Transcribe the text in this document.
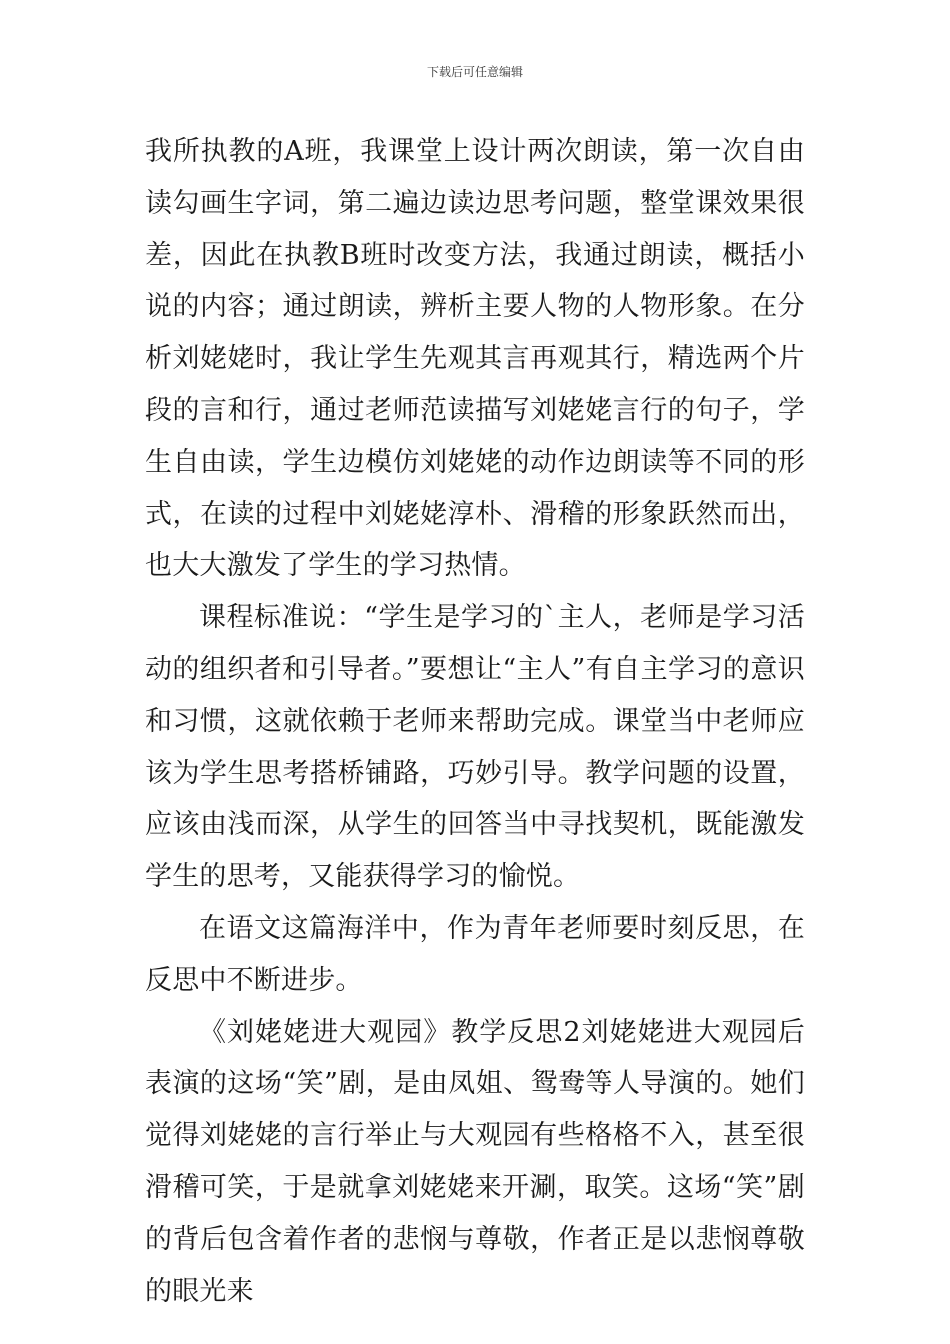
下载后可任意编辑

我所执教的A班，我课堂上设计两次朗读，第一次自由读勾画生字词，第二遍边读边思考问题，整堂课效果很差，因此在执教B班时改变方法，我通过朗读，概括小说的内容；通过朗读，辨析主要人物的人物形象。在分析刘姥姥时，我让学生先观其言再观其行，精选两个片段的言和行，通过老师范读描写刘姥姥言行的句子，学生自由读，学生边模仿刘姥姥的动作边朗读等不同的形式，在读的过程中刘姥姥淳朴、滑稽的形象跃然而出，也大大激发了学生的学习热情。

课程标准说：“学生是学习的`主人，老师是学习活动的组织者和引导者。”要想让“主人”有自主学习的意识和习惯，这就依赖于老师来帮助完成。课堂当中老师应该为学生思考搭桥铺路，巧妙引导。教学问题的设置，应该由浅而深，从学生的回答当中寻找契机，既能激发学生的思考，又能获得学习的愉悦。

在语文这篇海洋中，作为青年老师要时刻反思，在反思中不断进步。

《刘姥姥进大观园》教学反思2刘姥姥进大观园后表演的这场“笑”剧，是由凤姐、鸳鸯等人导演的。她们觉得刘姥姥的言行举止与大观园有些格格不入，甚至很滑稽可笑，于是就拿刘姥姥来开涮，取笑。这场“笑”剧的背后包含着作者的悲悯与尊敬，作者正是以悲悯尊敬的眼光来
